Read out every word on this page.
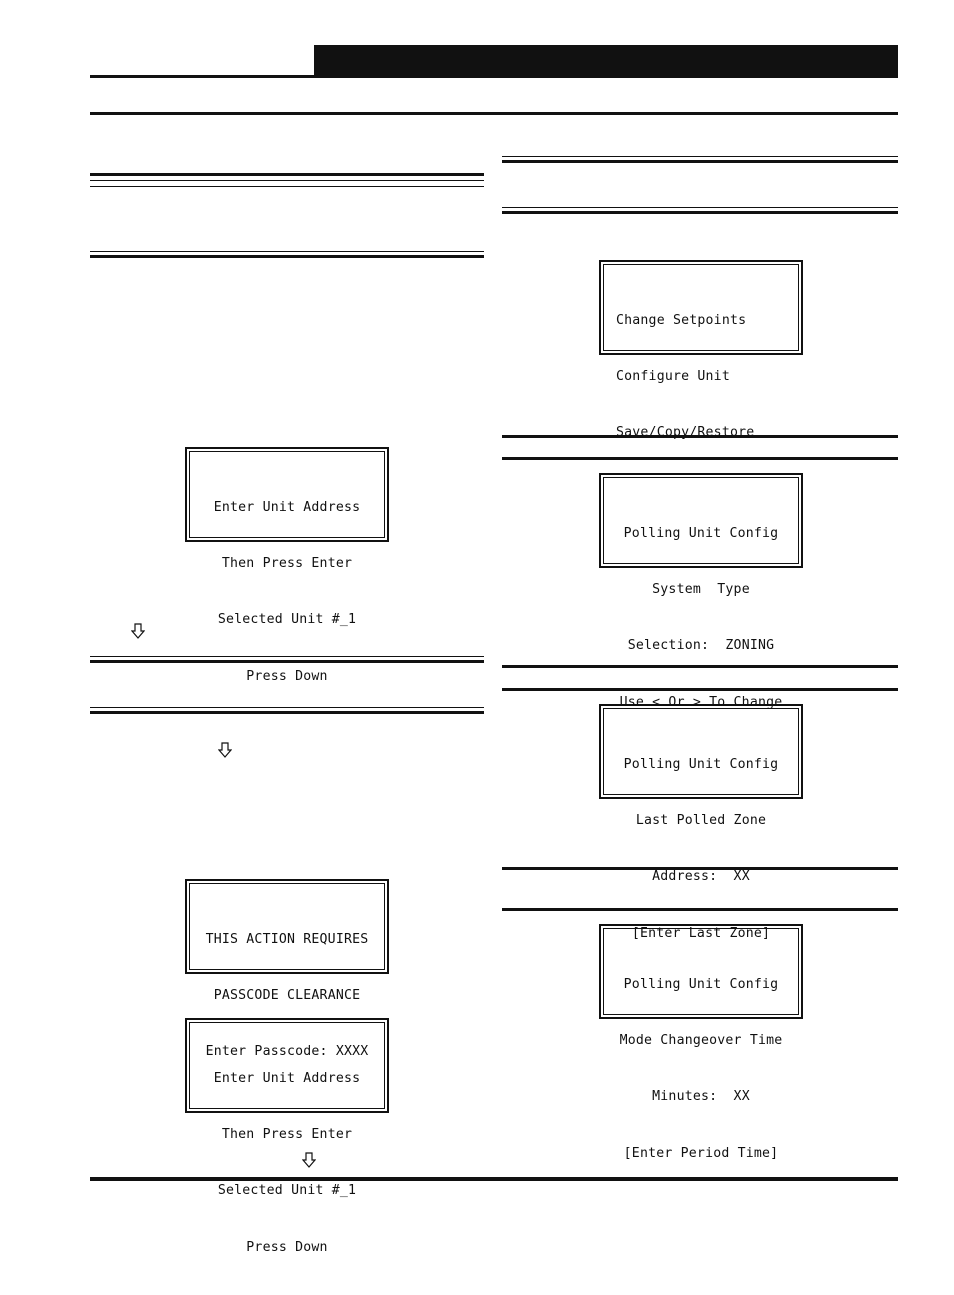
Enter Unit Address

Then Press Enter

Selected Unit #_1

Press Down

THIS ACTION REQUIRES

PASSCODE CLEARANCE

Enter Passcode: XXXX

Enter Unit Address

Then Press Enter

Selected Unit #_1

Press Down

Change Setpoints

Configure Unit

Save/Copy/Restore

Polling Unit Config

System  Type

Selection:  ZONING

Use < Or > To Change

Polling Unit Config

Last Polled Zone

Address:  XX

[Enter Last Zone]

Polling Unit Config

Mode Changeover Time

Minutes:  XX

[Enter Period Time]
